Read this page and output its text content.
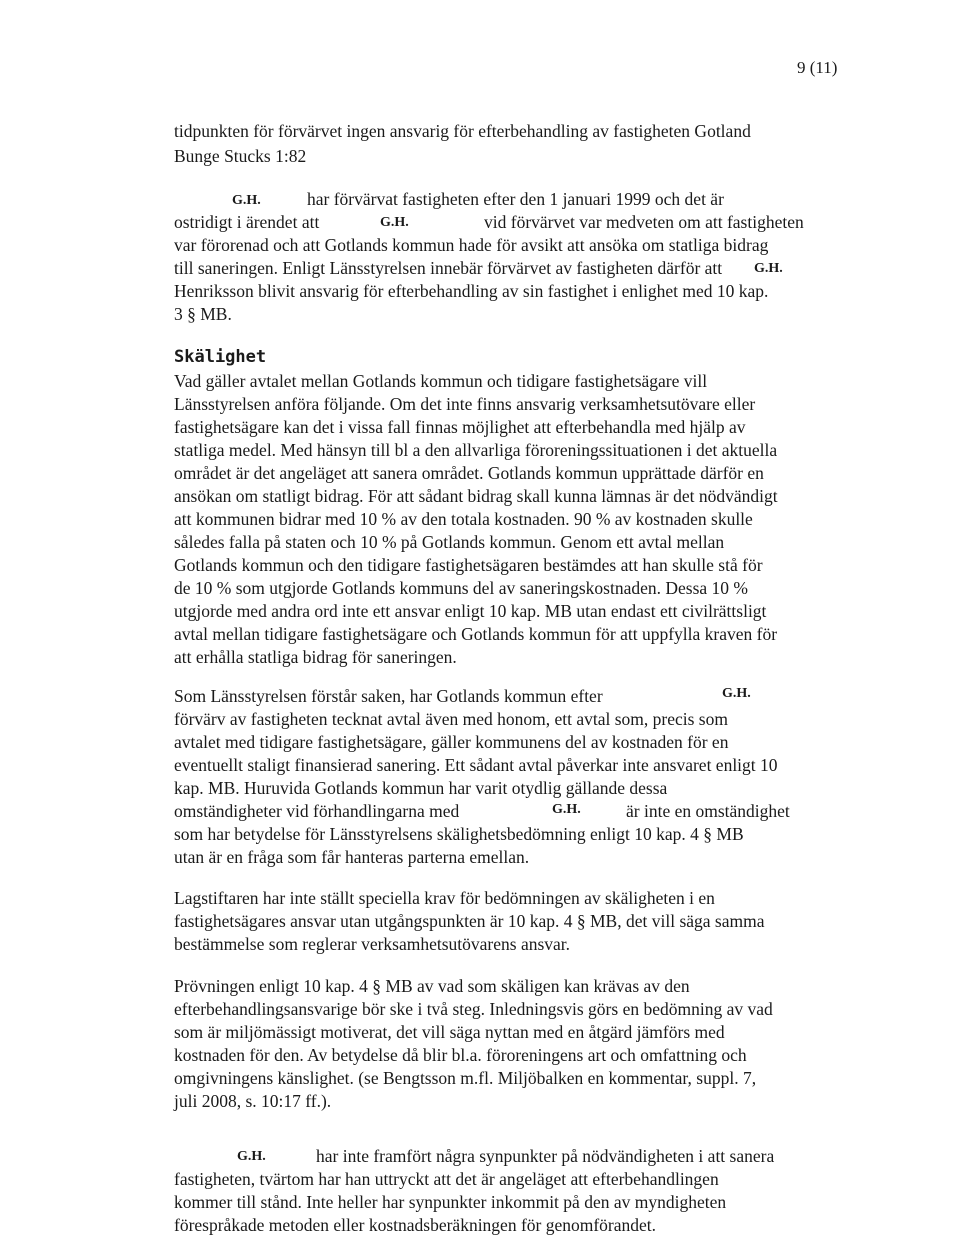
9 (11)
tidpunkten för förvärvet ingen ansvarig för efterbehandling av fastigheten Gotland
Bunge Stucks 1:82
G.H.	har förvärvat fastigheten efter den 1 januari 1999 och det är
ostridigt i ärendet att	G.H.	vid förvärvet var medveten om att fastigheten
var förorenad och att Gotlands kommun hade för avsikt att ansöka om statliga bidrag
till saneringen. Enligt Länsstyrelsen innebär förvärvet av fastigheten därför att G.H.
Henriksson blivit ansvarig för efterbehandling av sin fastighet i enlighet med 10 kap.
3 § MB.
Skälighet
Vad gäller avtalet mellan Gotlands kommun och tidigare fastighetsägare vill
Länsstyrelsen anföra följande. Om det inte finns ansvarig verksamhetsutövare eller
fastighetsägare kan det i vissa fall finnas möjlighet att efterbehandla med hjälp av
statliga medel. Med hänsyn till bl a den allvarliga föroreningssituationen i det aktuella
området är det angeläget att sanera området. Gotlands kommun upprättade därför en
ansökan om statligt bidrag. För att sådant bidrag skall kunna lämnas är det nödvändigt
att kommunen bidrar med 10 % av den totala kostnaden. 90 % av kostnaden skulle
således falla på staten och 10 % på Gotlands kommun. Genom ett avtal mellan
Gotlands kommun och den tidigare fastighetsägaren bestämdes att han skulle stå för
de 10 % som utgjorde Gotlands kommuns del av saneringskostnaden. Dessa 10 %
utgjorde med andra ord inte ett ansvar enligt 10 kap. MB utan endast ett civilrättsligt
avtal mellan tidigare fastighetsägare och Gotlands kommun för att uppfylla kraven för
att erhålla statliga bidrag för saneringen.
Som Länsstyrelsen förstår saken, har Gotlands kommun efter	G.H.
förvärv av fastigheten tecknat avtal även med honom, ett avtal som, precis som
avtalet med tidigare fastighetsägare, gäller kommunens del av kostnaden för en
eventuellt staligt finansierad sanering. Ett sådant avtal påverkar inte ansvaret enligt 10
kap. MB. Huruvida Gotlands kommun har varit otydlig gällande dessa
omständigheter vid förhandlingarna med	G.H.	är inte en omständighet
som har betydelse för Länsstyrelsens skälighetsbedömning enligt 10 kap. 4 § MB
utan är en fråga som får hanteras parterna emellan.
Lagstiftaren har inte ställt speciella krav för bedömningen av skäligheten i en
fastighetsägares ansvar utan utgångspunkten är 10 kap. 4 § MB, det vill säga samma
bestämmelse som reglerar verksamhetsutövarens ansvar.
Prövningen enligt 10 kap. 4 § MB av vad som skäligen kan krävas av den
efterbehandlingsansvarige bör ske i två steg. Inledningsvis görs en bedömning av vad
som är miljömässigt motiverat, det vill säga nyttan med en åtgärd jämförs med
kostnaden för den. Av betydelse då blir bl.a. föroreningens art och omfattning och
omgivningens känslighet. (se Bengtsson m.fl. Miljöbalken en kommentar, suppl. 7,
juli 2008, s. 10:17 ff.).
G.H.	har inte framfört några synpunkter på nödvändigheten i att sanera
fastigheten, tvärtom har han uttryckt att det är angeläget att efterbehandlingen
kommer till stånd. Inte heller har synpunkter inkommit på den av myndigheten
förespråkade metoden eller kostnadsberäkningen för genomförandet.
